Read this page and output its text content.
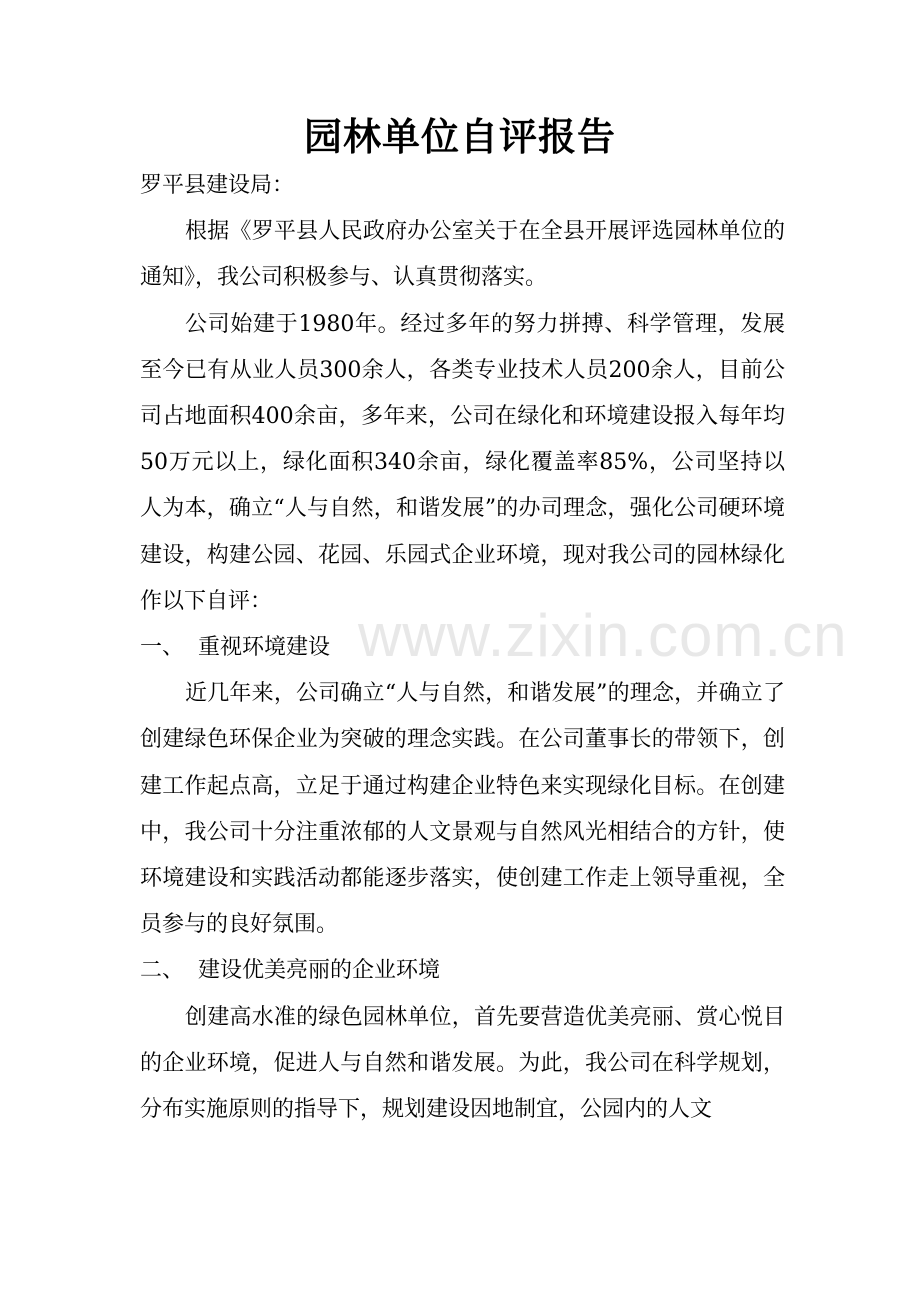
园林单位自评报告

罗平县建设局：

根据《罗平县人民政府办公室关于在全县开展评选园林单位的通知》，我公司积极参与、认真贯彻落实。

公司始建于1980年。经过多年的努力拼搏、科学管理，发展至今已有从业人员300余人，各类专业技术人员200余人，目前公司占地面积400余亩，多年来，公司在绿化和环境建设报入每年均50万元以上，绿化面积340余亩，绿化覆盖率85%，公司坚持以人为本，确立“人与自然，和谐发展”的办司理念，强化公司硬环境建设，构建公园、花园、乐园式企业环境，现对我公司的园林绿化作以下自评：

一、 重视环境建设

近几年来，公司确立“人与自然，和谐发展”的理念，并确立了创建绿色环保企业为突破的理念实践。在公司董事长的带领下，创建工作起点高，立足于通过构建企业特色来实现绿化目标。在创建中，我公司十分注重浓郁的人文景观与自然风光相结合的方针，使环境建设和实践活动都能逐步落实，使创建工作走上领导重视，全员参与的良好氛围。

二、 建设优美亮丽的企业环境

创建高水准的绿色园林单位，首先要营造优美亮丽、赏心悦目的企业环境，促进人与自然和谐发展。为此，我公司在科学规划，分布实施原则的指导下，规划建设因地制宜，公园内的人文

www.zixin.com.cn
